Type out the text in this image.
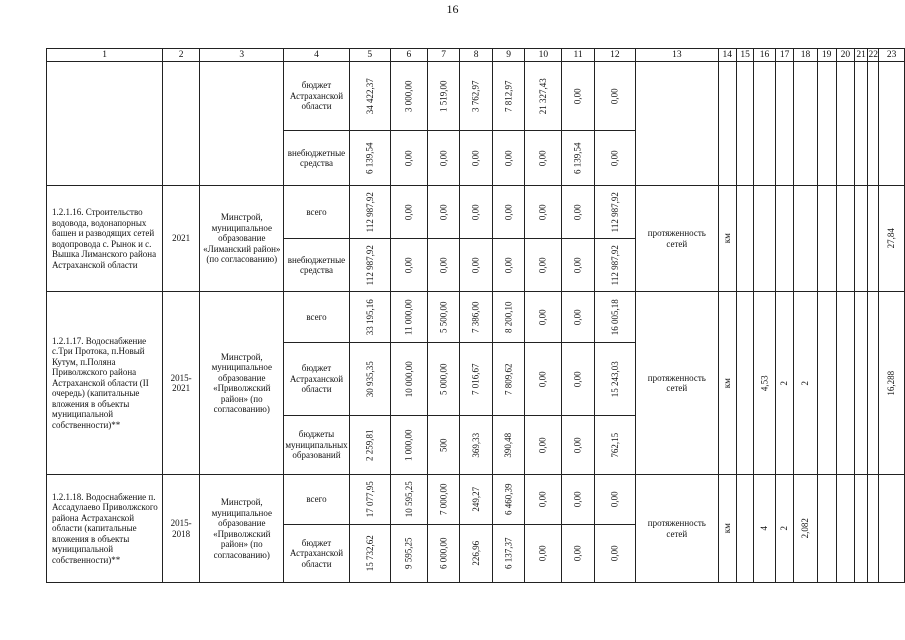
16
1	2	3	4	5	6	7	8	9	10	11	12	13	14	15	16	17	18	19	20	21	22	23
			бюджет Астраханской области	34 422,37	3 000,00	1 519,00	3 762,97	7 812,97	21 327,43	0,00	0,00											

			внебюджетные средства	6 139,54	0,00	0,00	0,00	0,00	0,00	6 139,54	0,00											

1.2.1.16. Строительство водовода, водонапорных башен и разводящих сетей водопровода с. Рынок и с. Вышка Лиманского района Астраханской области	2021	Минстрой, муниципальное образование «Лиманский район» (по согласованию)	всего	112 987,92	0,00	0,00	0,00	0,00	0,00	0,00	112 987,92	протяженность сетей	км									27,84

			внебюджетные средства	112 987,92	0,00	0,00	0,00	0,00	0,00	0,00	112 987,92											

1.2.1.17. Водоснабжение с.Три Протока, п.Новый Кутум, п.Поляна Приволжского района Астраханской области (II очередь) (капитальные вложения в объекты муниципальной собственности)**	2015-2021	Минстрой, муниципальное образование «Приволжский район» (по согласованию)	всего	33 195,16	11 000,00	5 500,00	7 386,00	8 200,10	0,00	0,00	16 005,18	протяженность сетей	км		4,53	2	2					16,288

			бюджет Астраханской области	30 935,35	10 000,00	5 000,00	7 016,67	7 809,62	0,00	0,00	15 243,03											

			бюджеты муниципальных образований	2 259,81	1 000,00	500	369,33	390,48	0,00	0,00	762,15											

1.2.1.18. Водоснабжение п. Ассадулаево Приволжского района Астраханской области (капитальные вложения в объекты муниципальной собственности)**	2015-2018	Минстрой, муниципальное образование «Приволжский район» (по согласованию)	всего	17 077,95	10 595,25	7 000,00	249,27	6 460,39	0,00	0,00	0,00	протяженность сетей	км		4	2	2,082					

			бюджет Астраханской области	15 732,62	9 595,25	6 000,00	226,96	6 137,37	0,00	0,00	0,00											
